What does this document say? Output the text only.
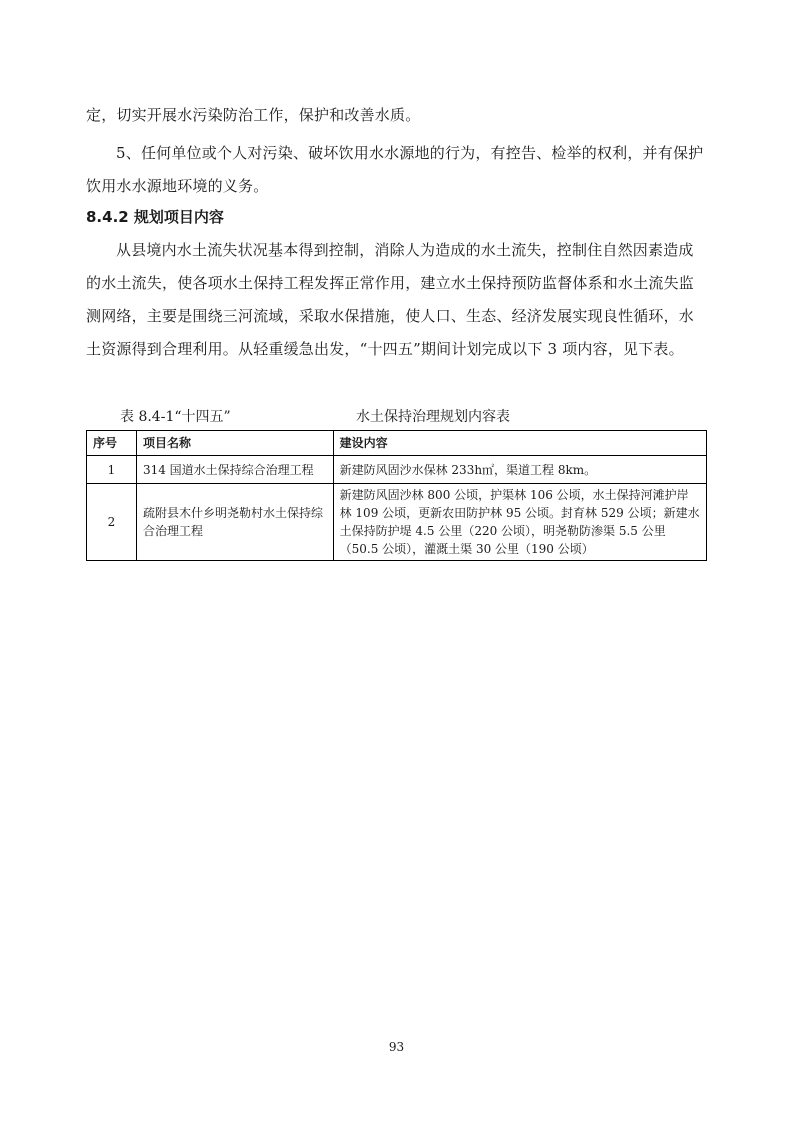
定，切实开展水污染防治工作，保护和改善水质。

5、任何单位或个人对污染、破坏饮用水水源地的行为，有控告、检举的权利，并有保护饮用水水源地环境的义务。

8.4.2 规划项目内容

从县境内水土流失状况基本得到控制，消除人为造成的水土流失，控制住自然因素造成的水土流失，使各项水土保持工程发挥正常作用，建立水土保持预防监督体系和水土流失监测网络，主要是围绕三河流域，采取水保措施，使人口、生态、经济发展实现良性循环，水土资源得到合理利用。从轻重缓急出发，“十四五”期间计划完成以下 3 项内容，见下表。

表 8.4-1“十四五”	水土保持治理规划内容表
序号	项目名称	建设内容
1	314 国道水土保持综合治理工程	新建防风固沙水保林 233h㎡，渠道工程 8km。
2	疏附县木什乡明尧勒村水土保持综合治理工程	新建防风固沙林 800 公顷，护渠林 106 公顷，水土保持河滩护岸林 109 公顷，更新农田防护林 95 公顷。封育林 529 公顷；新建水土保持防护堤 4.5 公里（220 公顷），明尧勒防渗渠 5.5 公里（50.5 公顷），灌溉土渠 30 公里（190 公顷）
93
